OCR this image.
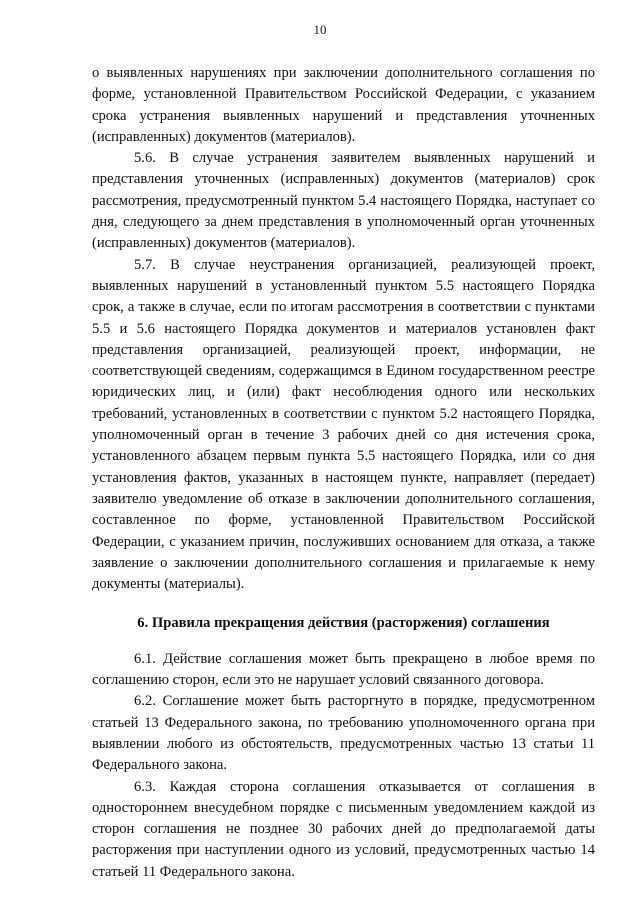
10

о выявленных нарушениях при заключении дополнительного соглашения по форме, установленной Правительством Российской Федерации, с указанием срока устранения выявленных нарушений и представления уточненных (исправленных) документов (материалов).

5.6. В случае устранения заявителем выявленных нарушений и представления уточненных (исправленных) документов (материалов) срок рассмотрения, предусмотренный пунктом 5.4 настоящего Порядка, наступает со дня, следующего за днем представления в уполномоченный орган уточненных (исправленных) документов (материалов).

5.7. В случае неустранения организацией, реализующей проект, выявленных нарушений в установленный пунктом 5.5 настоящего Порядка срок, а также в случае, если по итогам рассмотрения в соответствии с пунктами 5.5 и 5.6 настоящего Порядка документов и материалов установлен факт представления организацией, реализующей проект, информации, не соответствующей сведениям, содержащимся в Едином государственном реестре юридических лиц, и (или) факт несоблюдения одного или нескольких требований, установленных в соответствии с пунктом 5.2 настоящего Порядка, уполномоченный орган в течение 3 рабочих дней со дня истечения срока, установленного абзацем первым пункта 5.5 настоящего Порядка, или со дня установления фактов, указанных в настоящем пункте, направляет (передает) заявителю уведомление об отказе в заключении дополнительного соглашения, составленное по форме, установленной Правительством Российской Федерации, с указанием причин, послуживших основанием для отказа, а также заявление о заключении дополнительного соглашения и прилагаемые к нему документы (материалы).

6. Правила прекращения действия (расторжения) соглашения

6.1. Действие соглашения может быть прекращено в любое время по соглашению сторон, если это не нарушает условий связанного договора.

6.2. Соглашение может быть расторгнуто в порядке, предусмотренном статьей 13 Федерального закона, по требованию уполномоченного органа при выявлении любого из обстоятельств, предусмотренных частью 13 статьи 11 Федерального закона.

6.3. Каждая сторона соглашения отказывается от соглашения в одностороннем внесудебном порядке с письменным уведомлением каждой из сторон соглашения не позднее 30 рабочих дней до предполагаемой даты расторжения при наступлении одного из условий, предусмотренных частью 14 статьей 11 Федерального закона.
